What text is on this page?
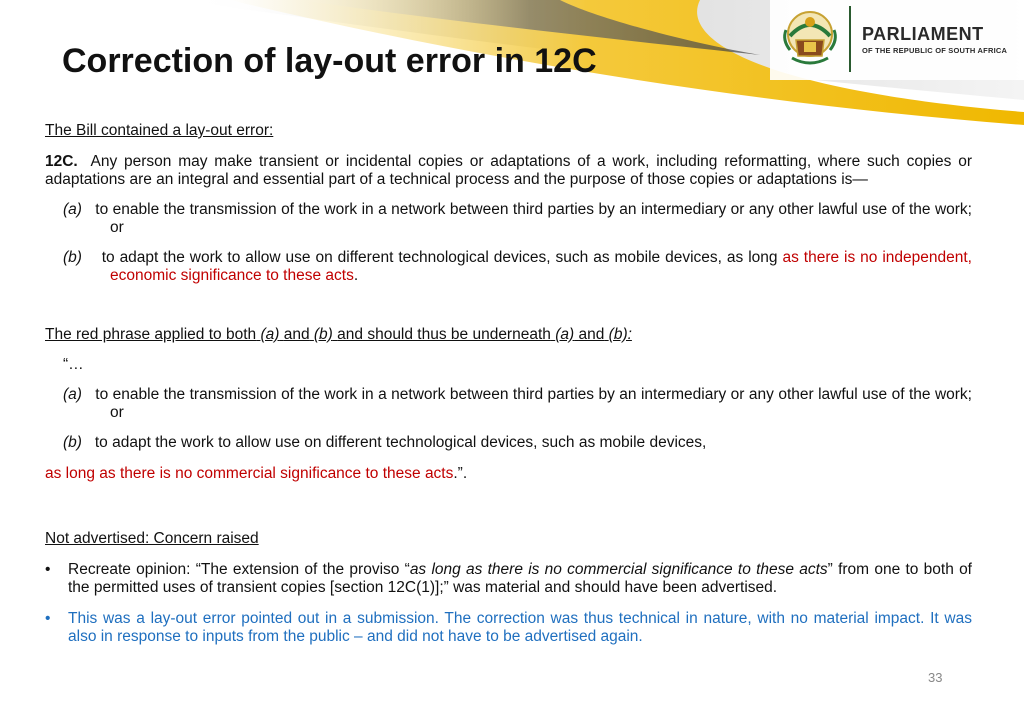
PARLIAMENT
OF THE REPUBLIC OF SOUTH AFRICA
Correction of lay-out error in 12C

The Bill contained a lay-out error:

12C. Any person may make transient or incidental copies or adaptations of a work, including reformatting, where such copies or adaptations are an integral and essential part of a technical process and the purpose of those copies or adaptations is—

(a) to enable the transmission of the work in a network between third parties by an intermediary or any other lawful use of the work; or

(b) to adapt the work to allow use on different technological devices, such as mobile devices, as long as there is no independent, economic significance to these acts.

The red phrase applied to both (a) and (b) and should thus be underneath (a) and (b):

“…

(a) to enable the transmission of the work in a network between third parties by an intermediary or any other lawful use of the work; or

(b) to adapt the work to allow use on different technological devices, such as mobile devices,

as long as there is no commercial significance to these acts.”.

Not advertised: Concern raised

• Recreate opinion: “The extension of the proviso “as long as there is no commercial significance to these acts” from one to both of the permitted uses of transient copies [section 12C(1)];” was material and should have been advertised.

• This was a lay-out error pointed out in a submission. The correction was thus technical in nature, with no material impact. It was also in response to inputs from the public – and did not have to be advertised again.

33
